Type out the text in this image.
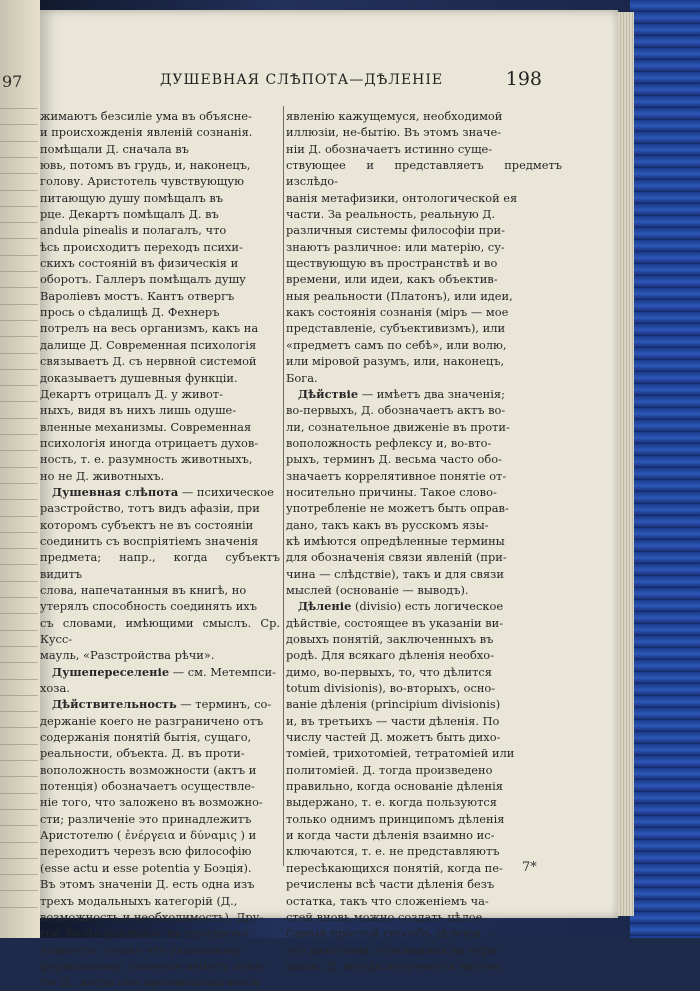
97	ДУШЕВНАЯ СЛѢПОТА—ДѢЛЕНІЕ	198

жимаютъ безсиліе ума въ объясне-

и происхожденія явленій сознанія.

помѣщали Д. сначала въ

ювь, потомъ въ грудь, и, наконецъ,

голову. Аристотель чувствующую

питающую душу помѣщалъ въ

рце. Декартъ помѣщалъ Д. въ

andula pinealis и полагалъ, что

ѣсь происходитъ переходъ психи-

скихъ состояній въ физическія и

оборотъ. Галлеръ помѣщалъ душу

Вароліевъ мостъ. Кантъ отвергъ

прось о сѣдалищѣ Д. Фехнеръ

потрелъ на весь организмъ, какъ на

далище Д. Современная психологія

связываетъ Д. съ нервной системой

доказываетъ душевныя функціи.

Декартъ отрицалъ Д. у живот-

ныхъ, видя въ нихъ лишь одуше-

вленные механизмы. Современная

психологія иногда отрицаетъ духов-

ность, т. е. разумность животныхъ,

но не Д. животныхъ.

Душевная слѣпота — психическое

разстройство, тотъ видъ афазіи, при

которомъ субъектъ не въ состояніи

соединить съ воспріятіемъ значенія

предмета; напр., когда субъектъ видитъ

слова, напечатанныя въ книгѣ, но

утерялъ способность соединять ихъ

съ словами, имѣющими смыслъ. Ср. Кусс-

мауль, «Разстройства рѣчи».

Душепереселеніе — см. Метемпси-

хоза.

Дѣйствительность — терминъ, со-

держаніе коего не разграничено отъ

содержанія понятій бытія, сущаго,

реальности, объекта. Д. въ проти-

воположность возможности (актъ и

потенція) обозначаетъ осуществле-

ніе того, что заложено въ возможно-

сти; различеніе это принадлежитъ

Аристотелю ( ἐνέργεια и δύναμις ) и

переходитъ черезъ всю философію

(esse actu и esse potentia у Боэція).

Въ этомъ значеніи Д. есть одна изъ

трехъ модальныхъ категорій (Д.,

возможность и необходимость). Дру-

гое, болѣе реальное, въ противопо-

ложность только что указанному

формальному, значеніе имѣетъ поня-

тіе Д., когда оно противополагается

явленію кажущемуся, необходимой

иллюзіи, не-бытію. Въ этомъ значе-

ніи Д. обозначаетъ истинно суще-

ствующее и представляетъ предметъ изслѣдо-

ванія метафизики, онтологической ея

части. За реальность, реальную Д.

различныя системы философіи при-

знаютъ различное: или матерію, су-

ществующую въ пространствѣ и во

времени, или идеи, какъ объектив-

ныя реальности (Платонъ), или идеи,

какъ состоянія сознанія (міръ — мое

представленіе, субъективизмъ), или

«предметъ самъ по себѣ», или волю,

или міровой разумъ, или, наконецъ,

Бога.

Дѣйствіе — имѣетъ два значенія;

во-первыхъ, Д. обозначаетъ актъ во-

ли, сознательное движеніе въ проти-

воположность рефлексу и, во-вто-

рыхъ, терминъ Д. весьма часто обо-

значаетъ коррелятивное понятіе от-

носительно причины. Такое слово-

употребленіе не можетъ быть оправ-

дано, такъ какъ въ русскомъ язы-

кѣ имѣются опредѣленные термины

для обозначенія связи явленій (при-

чина — слѣдствіе), такъ и для связи

мыслей (основаніе — выводъ).

Дѣленіе (divisio) есть логическое

дѣйствіе, состоящее въ указаніи ви-

довыхъ понятій, заключенныхъ въ

родѣ. Для всякаго дѣленія необхо-

димо, во-первыхъ, то, что дѣлится

totum divisionis), во-вторыхъ, осно-

ваніе дѣленія (principium divisionis)

и, въ третьихъ — части дѣленія. По

числу частей Д. можетъ быть дихо-

томіей, трихотоміей, тетратоміей или

политоміей. Д. тогда произведено

правильно, когда основаніе дѣленія

выдержано, т. е. когда пользуются

только однимъ принципомъ дѣленія

и когда части дѣленія взаимно ис-

ключаются, т. е. не представляютъ

пересѣкающихся понятій, когда пе-

речислены всѣ части дѣленія безъ

остатка, такъ что сложеніемъ ча-

стей вновь можно создать цѣлое.

Самый простой способъ дѣленія —

это дихотомія, основанная на отри-

цаніи: Д. всегда получается чистое,

7*
